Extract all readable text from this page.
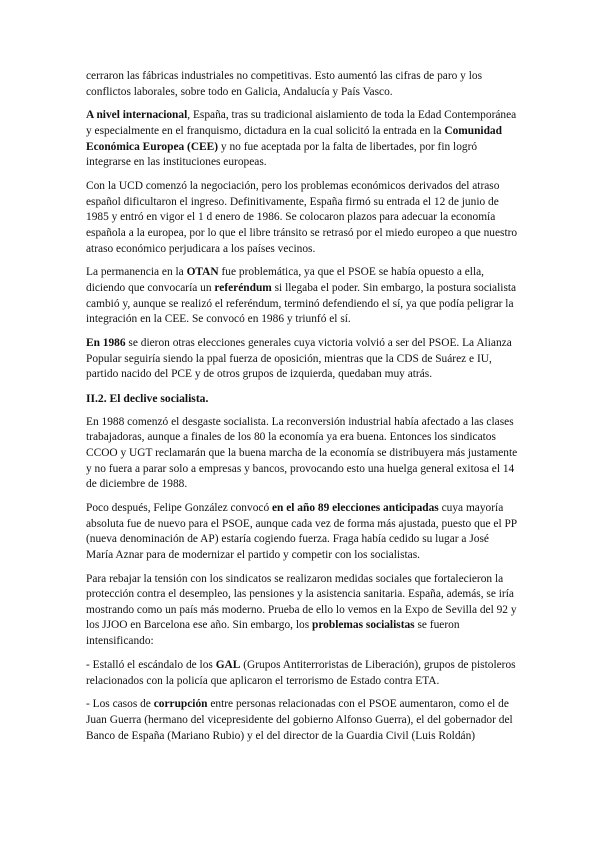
cerraron las fábricas industriales no competitivas. Esto aumentó las cifras de paro y los conflictos laborales, sobre todo en Galicia, Andalucía y País Vasco.

A nivel internacional, España, tras su tradicional aislamiento de toda la Edad Contemporánea y especialmente en el franquismo, dictadura en la cual solicitó la entrada en la Comunidad Económica Europea (CEE) y no fue aceptada por la falta de libertades, por fin logró integrarse en las instituciones europeas.

Con la UCD comenzó la negociación, pero los problemas económicos derivados del atraso español dificultaron el ingreso. Definitivamente, España firmó su entrada el 12 de junio de 1985 y entró en vigor el 1 d enero de 1986. Se colocaron plazos para adecuar la economía española a la europea, por lo que el libre tránsito se retrasó por el miedo europeo a que nuestro atraso económico perjudicara a los países vecinos.

La permanencia en la OTAN fue problemática, ya que el PSOE se había opuesto a ella, diciendo que convocaría un referéndum si llegaba el poder. Sin embargo, la postura socialista cambió y, aunque se realizó el referéndum, terminó defendiendo el sí, ya que podía peligrar la integración en la CEE. Se convocó en 1986 y triunfó el sí.

En 1986 se dieron otras elecciones generales cuya victoria volvió a ser del PSOE. La Alianza Popular seguiría siendo la ppal fuerza de oposición, mientras que la CDS de Suárez e IU, partido nacido del PCE y de otros grupos de izquierda, quedaban muy atrás.

II.2. El declive socialista.

En 1988 comenzó el desgaste socialista. La reconversión industrial había afectado a las clases trabajadoras, aunque a finales de los 80 la economía ya era buena. Entonces los sindicatos CCOO y UGT reclamarán que la buena marcha de la economía se distribuyera más justamente y no fuera a parar solo a empresas y bancos, provocando esto una huelga general exitosa el 14 de diciembre de 1988.

Poco después, Felipe González convocó en el año 89 elecciones anticipadas cuya mayoría absoluta fue de nuevo para el PSOE, aunque cada vez de forma más ajustada, puesto que el PP (nueva denominación de AP) estaría cogiendo fuerza. Fraga había cedido su lugar a José María Aznar para de modernizar el partido y competir con los socialistas.

Para rebajar la tensión con los sindicatos se realizaron medidas sociales que fortalecieron la protección contra el desempleo, las pensiones y la asistencia sanitaria. España, además, se iría mostrando como un país más moderno. Prueba de ello lo vemos en la Expo de Sevilla del 92 y los JJOO en Barcelona ese año. Sin embargo, los problemas socialistas se fueron intensificando:

- Estalló el escándalo de los GAL (Grupos Antiterroristas de Liberación), grupos de pistoleros relacionados con la policía que aplicaron el terrorismo de Estado contra ETA.

- Los casos de corrupción entre personas relacionadas con el PSOE aumentaron, como el de Juan Guerra (hermano del vicepresidente del gobierno Alfonso Guerra), el del gobernador del Banco de España (Mariano Rubio) y el del director de la Guardia Civil (Luis Roldán)
